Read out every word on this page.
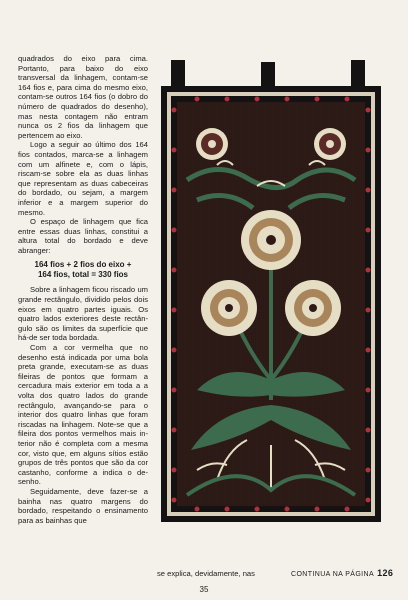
quadrados do eixo para cima. Portanto, para baixo do eixo transversal da linhagem, contam-se 164 fios e, para cima do mesmo eixo, contam-se outros 164 fios (o dobro do número de quadrados do desenho), mas nesta contagem não entram nunca os 2 fios da linhagem que pertencem ao eixo.

Logo a seguir ao último dos 164 fios contados, marca-se a linhagem com um alfinete e, com o lápis, riscam-se sobre ela as duas linhas que representam as duas cabeceiras do bordado, ou sejam, a margem inferior e a margem superior do mesmo.

O espaço de linhagem que fica entre essas duas linhas, constitui a altura total do bordado e deve abranger:

164 fios + 2 fios do eixo +
164 fios, total = 330 fios

Sobre a linhagem ficou riscado um grande rectângulo, dividido pelos dois eixos em quatro partes iguais. Os quatro lados exteriores deste rectângulo são os limites da superfície que há-de ser toda bordada.

Com a cor vermelha que no desenho está indicada por uma bola preta grande, executam-se as duas fileiras de pontos que formam a cercadura mais exterior em toda a a volta dos quatro lados do grande rectângulo, avançando-se para o interior dos quatro linhas que foram riscadas na linhagem. Note-se que a fileira dos pontos vermelhos mais interior não é completa com a mesma cor, visto que, em alguns sítios estão grupos de três pontos que são da cor castanho, conforme a indica o desenho.

Seguidamente, deve fazer-se a bainha nas quatro margens do bordado, respeitando o ensinamento para as bainhas que

se explica, devidamente, nas	CONTINUA NA PÁGINA 126
35
